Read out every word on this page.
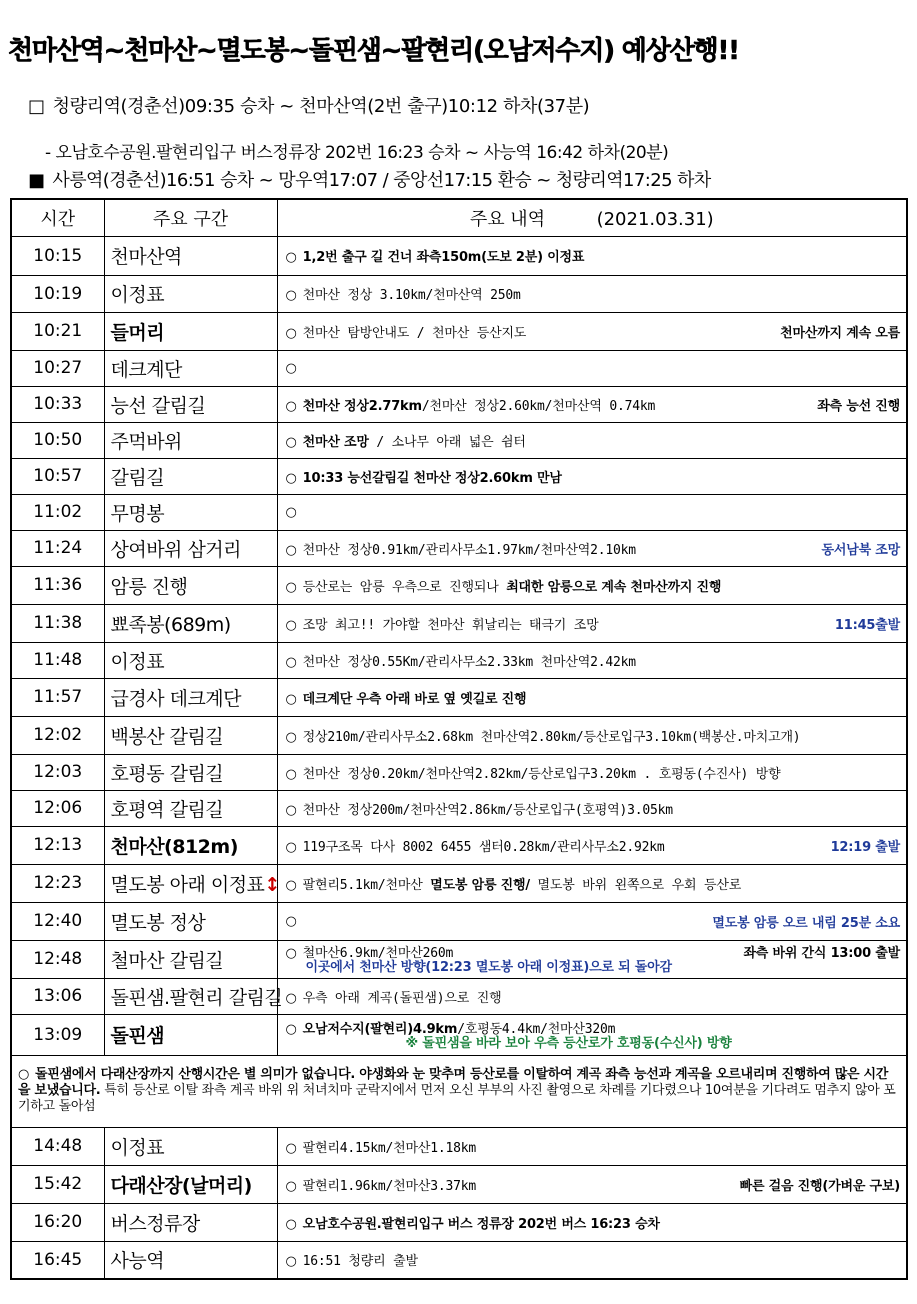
천마산역~천마산~멸도봉~돌핀샘~팔현리(오남저수지) 예상산행!!
□ 청량리역(경춘선)09:35 승차 ~ 천마산역(2번 출구)10:12 하차(37분)
- 오남호수공원.팔현리입구 버스정류장 202번 16:23 승차 ~ 사능역 16:42 하차(20분)
■ 사릉역(경춘선)16:51 승차 ~ 망우역17:07 / 중앙선17:15 환승 ~ 청량리역17:25 하차
시간	주요 구간	주요 내역 (2021.03.31)
10:15	천마산역	○ 1,2번 출구 길 건너 좌측150m(도보 2분) 이정표

10:19	이정표	○ 천마산 정상 3.10km/천마산역 250m

10:21	들머리	○ 천마산 탐방안내도 / 천마산 등산지도 천마산까지 계속 오름

10:27	데크계단	○

10:33	능선 갈림길	○ 천마산 정상2.77km/천마산 정상2.60km/천마산역 0.74km 좌측 능선 진행

10:50	주먹바위	○ 천마산 조망 / 소나무 아래 넓은 쉼터

10:57	갈림길	○ 10:33 능선갈림길 천마산 정상2.60km 만남

11:02	무명봉	○

11:24	상여바위 삼거리	○ 천마산 정상0.91km/관리사무소1.97km/천마산역2.10km 동서남북 조망

11:36	암릉 진행	○ 등산로는 암릉 우측으로 진행되나 최대한 암릉으로 계속 천마산까지 진행

11:38	뾰족봉(689m)	○ 조망 최고!! 가야할 천마산 휘날리는 태극기 조망 11:45출발

11:48	이정표	○ 천마산 정상0.55Km/관리사무소2.33km 천마산역2.42km

11:57	급경사 데크계단	○ 데크계단 우측 아래 바로 옆 옛길로 진행

12:02	백봉산 갈림길	○ 정상210m/관리사무소2.68km 천마산역2.80km/등산로입구3.10km(백봉산.마치고개)

12:03	호평동 갈림길	○ 천마산 정상0.20km/천마산역2.82km/등산로입구3.20km . 호평동(수진사) 방향

12:06	호평역 갈림길	○ 천마산 정상200m/천마산역2.86km/등산로입구(호평역)3.05km

12:13	천마산(812m)	○ 119구조목 다사 8002 6455 샘터0.28km/관리사무소2.92km 12:19 출발

12:23	멸도봉 아래 이정표↕	○ 팔현리5.1km/천마산 멸도봉 암릉 진행/ 멸도봉 바위 왼쪽으로 우회 등산로

12:40	멸도봉 정상	○ 멸도봉 암릉 오르 내림 25분 소요

12:48	철마산 갈림길	○ 철마산6.9km/천마산260m 좌측 바위 간식 13:00 출발
이곳에서 천마산 방향(12:23 멸도봉 아래 이정표)으로 되 돌아감

13:06	돌핀샘.팔현리 갈림길	○ 우측 아래 계곡(돌핀샘)으로 진행

13:09	돌핀샘	○ 오남저수지(팔현리)4.9km/호평동4.4km/천마산320m
※ 돌핀샘을 바라 보아 우측 등산로가 호평동(수신사) 방향

○ 돌핀샘에서 다래산장까지 산행시간은 별 의미가 없습니다. 야생화와 눈 맞추며 등산로를 이탈하여 계곡 좌측 능선과 계곡을 오르내리며 진행하여 많은 시간을 보냈습니다. 특히 등산로 이탈 좌측 계곡 바위 위 처녀치마 군락지에서 먼저 오신 부부의 사진 촬영으로 차례를 기다렸으나 10여분을 기다려도 멈추지 않아 포기하고 돌아섬		
14:48	이정표	○ 팔현리4.15km/천마산1.18km

15:42	다래산장(날머리)	○ 팔현리1.96km/천마산3.37km 빠른 걸음 진행(가벼운 구보)

16:20	버스정류장	○ 오남호수공원.팔현리입구 버스 정류장 202번 버스 16:23 승차

16:45	사능역	○ 16:51 청량리 출발
